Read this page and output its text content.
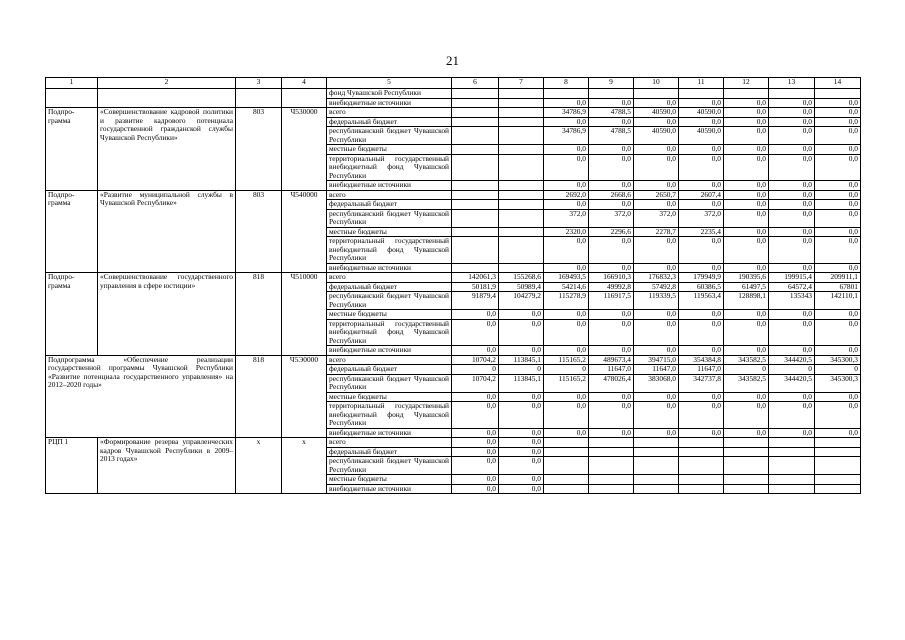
21
1	2	3	4	5	6	7	8	9	10	11	12	13	14
				фонд Чувашской Республики									
				внебюджетные источники			0,0	0,0	0,0	0,0	0,0	0,0	0,0
Подпро- грамма	«Совершенствование кадровой политики и развитие кадрового потенциала государственной гражданской службы Чувашской Республики»	803	Ч530000	всего			34786,9	4788,5	40590,0	40590,0	0,0	0,0	0,0
				федеральный бюджет			0,0	0,0	0,0	0,0	0,0	0,0	0,0
				республиканский бюджет Чувашской Республики			34786,9	4788,5	40590,0	40590,0	0,0	0,0	0,0
				местные бюджеты			0,0	0,0	0,0	0,0	0,0	0,0	0,0
				территориальный государственный внебюджетный фонд Чувашской Республики			0,0	0,0	0,0	0,0	0,0	0,0	0,0
				внебюджетные источники			0,0	0,0	0,0	0,0	0,0	0,0	0,0
Подпро- грамма	«Развитие муниципальной службы в Чувашской Республике»	803	Ч540000	всего			2692,0	2668,6	2650,7	2607,4	0,0	0,0	0,0
				федеральный бюджет			0,0	0,0	0,0	0,0	0,0	0,0	0,0
				республиканский бюджет Чувашской Республики			372,0	372,0	372,0	372,0	0,0	0,0	0,0
				местные бюджеты			2320,0	2296,6	2278,7	2235,4	0,0	0,0	0,0
				территориальный государственный внебюджетный фонд Чувашской Республики			0,0	0,0	0,0	0,0	0,0	0,0	0,0
				внебюджетные источники			0,0	0,0	0,0	0,0	0,0	0,0	0,0
Подпро- грамма	«Совершенствование государственного управления в сфере юстиции»	818	Ч510000	всего	142061,3	155268,6	169493,5	166910,3	176832,3	179949,9	190395,6	199915,4	209911,1
				федеральный бюджет	50181,9	50989,4	54214,6	49992,8	57492,8	60386,5	61497,5	64572,4	67801
				республиканский бюджет Чувашской Республики	91879,4	104279,2	115278,9	116917,5	119339,5	119563,4	128898,1	135343	142110,1
				местные бюджеты	0,0	0,0	0,0	0,0	0,0	0,0	0,0	0,0	0,0
				территориальный государственный внебюджетный фонд Чувашской Республики	0,0	0,0	0,0	0,0	0,0	0,0	0,0	0,0	0,0
				внебюджетные источники	0,0	0,0	0,0	0,0	0,0	0,0	0,0	0,0	0,0
Подпрограмма «Обеспечение реализации государственной программы Чувашской Республики «Развитие потенциала государственного управления» на 2012–2020 годы»		818	Ч5Э0000	всего	10704,2	113845,1	115165,2	489673,4	394715,0	354384,8	343582,5	344420,5	345300,3
				федеральный бюджет	0	0	0	11647,0	11647,0	11647,0	0	0	0
				республиканский бюджет Чувашской Республики	10704,2	113845,1	115165,2	478026,4	383068,0	342737,8	343582,5	344420,5	345300,3
				местные бюджеты	0,0	0,0	0,0	0,0	0,0	0,0	0,0	0,0	0,0
				территориальный государственный внебюджетный фонд Чувашской Республики	0,0	0,0	0,0	0,0	0,0	0,0	0,0	0,0	0,0
				внебюджетные источники	0,0	0,0	0,0	0,0	0,0	0,0	0,0	0,0	0,0
РЦП 1	«Формирование резерва управленческих кадров Чувашской Республики в 2009–2013 годах»	x	x	всего	0,0	0,0							
				федеральный бюджет	0,0	0,0							
				республиканский бюджет Чувашской Республики	0,0	0,0							
				местные бюджеты	0,0	0,0							
				внебюджетные источники	0,0	0,0							
